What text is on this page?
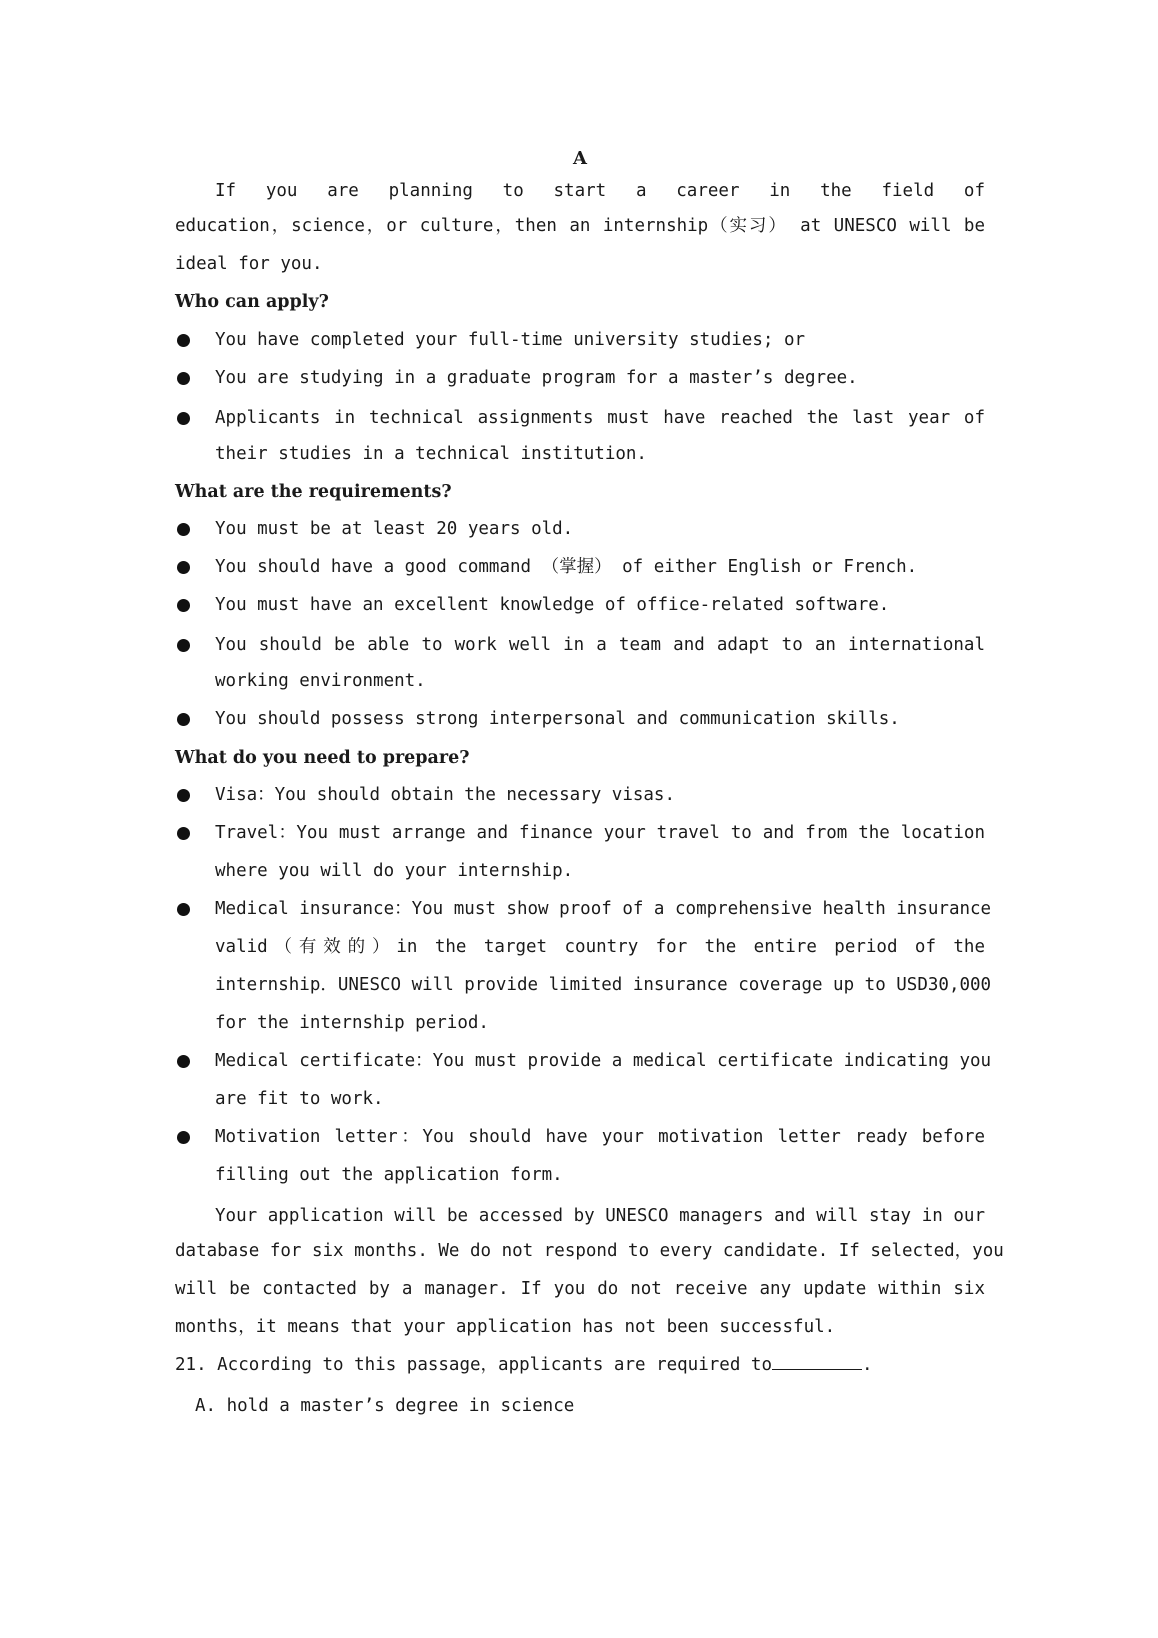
A
If you are planning to start a career in the field of
education，science，or culture，then an internship（实习） at UNESCO will be
ideal for you.
Who can apply?
You have completed your full-time university studies; or
You are studying in a graduate program for a master’s degree.
Applicants in technical assignments must have reached the last year of
their studies in a technical institution.
What are the requirements?
You must be at least 20 years old.
You should have a good command （掌握） of either English or French.
You must have an excellent knowledge of office-related software.
You should be able to work well in a team and adapt to an international
working environment.
You should possess strong interpersonal and communication skills.
What do you need to prepare?
Visa：You should obtain the necessary visas.
Travel：You must arrange and finance your travel to and from the location
where you will do your internship.
Medical insurance：You must show proof of a comprehensive health insurance
valid（有效的）in the target country for the entire period of the
internship．UNESCO will provide limited insurance coverage up to USD30,000
for the internship period.
Medical certificate：You must provide a medical certificate indicating you
are fit to work.
Motivation letter：You should have your motivation letter ready before
filling out the application form.
Your application will be accessed by UNESCO managers and will stay in our
database for six months. We do not respond to every candidate. If selected，you
will be contacted by a manager. If you do not receive any update within six
months，it means that your application has not been successful.
21. According to this passage，applicants are required to	.
A. hold a master’s degree in science
